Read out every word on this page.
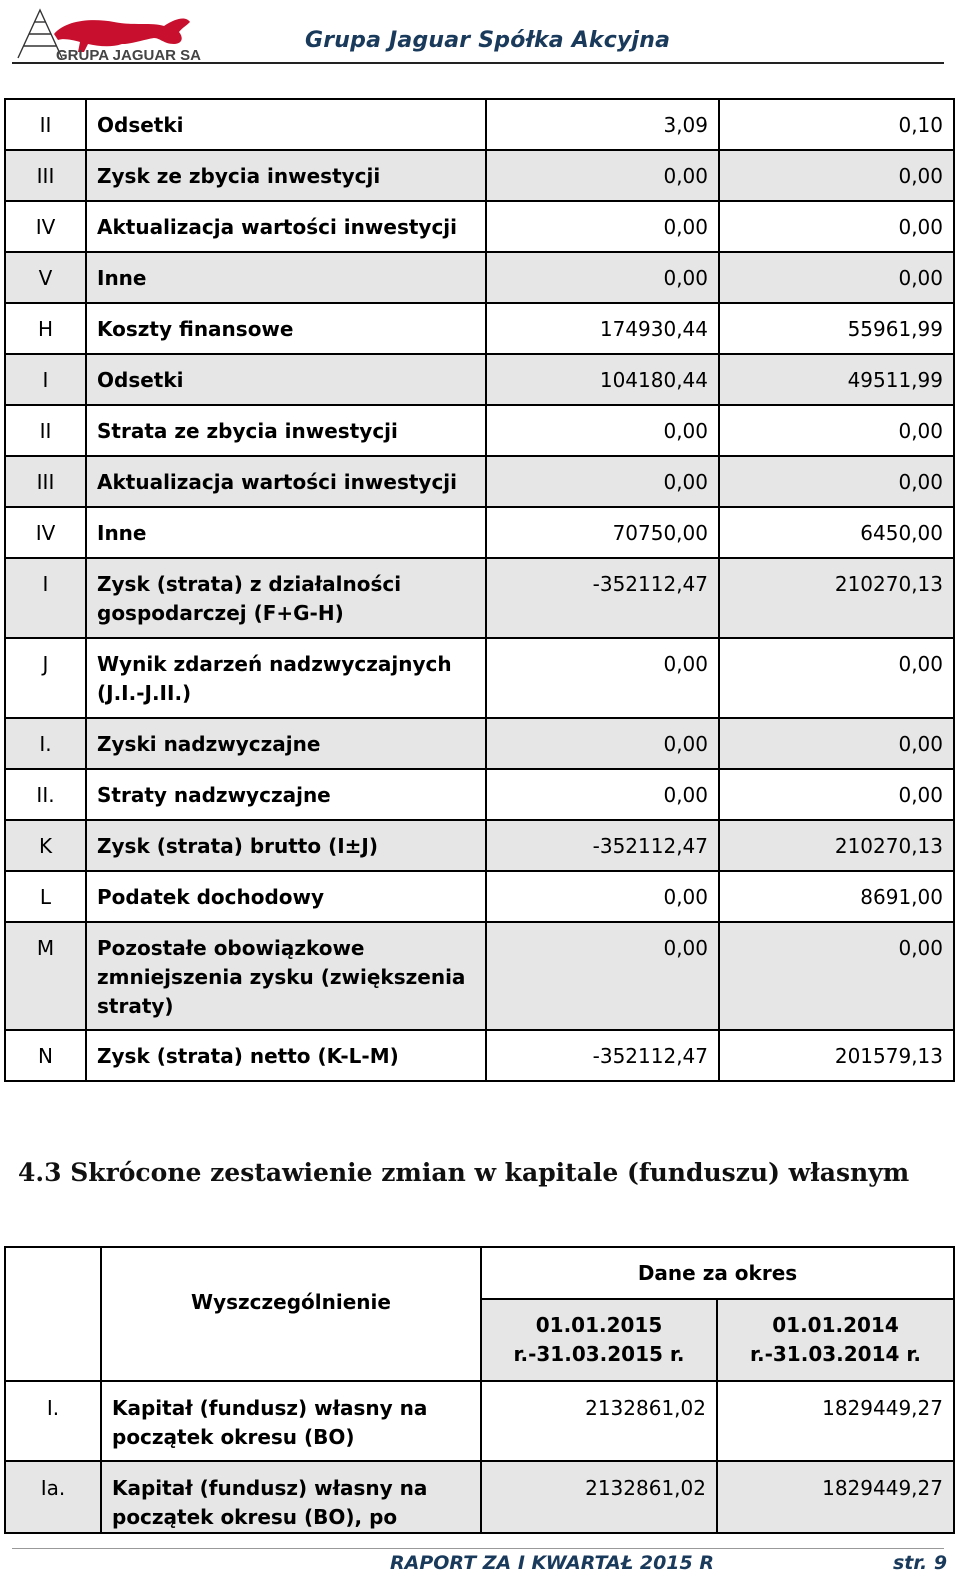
GRUPA JAGUAR SA
Grupa Jaguar Spółka Akcyjna
II	Odsetki	3,09	0,10
III	Zysk ze zbycia inwestycji	0,00	0,00
IV	Aktualizacja wartości inwestycji	0,00	0,00
V	Inne	0,00	0,00
H	Koszty finansowe	174930,44	55961,99
I	Odsetki	104180,44	49511,99
II	Strata ze zbycia inwestycji	0,00	0,00
III	Aktualizacja wartości inwestycji	0,00	0,00
IV	Inne	70750,00	6450,00
I	Zysk (strata) z działalności gospodarczej (F+G-H)	-352112,47	210270,13
J	Wynik zdarzeń nadzwyczajnych (J.I.-J.II.)	0,00	0,00
I.	Zyski nadzwyczajne	0,00	0,00
II.	Straty nadzwyczajne	0,00	0,00
K	Zysk (strata) brutto (I±J)	-352112,47	210270,13
L	Podatek dochodowy	0,00	8691,00
M	Pozostałe obowiązkowe zmniejszenia zysku (zwiększenia straty)	0,00	0,00
N	Zysk (strata) netto (K-L-M)	-352112,47	201579,13
4.3 Skrócone zestawienie zmian w kapitale (funduszu) własnym
	Wyszczególnienie	Dane za okres	
		01.01.2015 r.-31.03.2015 r.	01.01.2014 r.-31.03.2014 r.
I.	Kapitał (fundusz) własny na początek okresu (BO)	2132861,02	1829449,27
Ia.	Kapitał (fundusz) własny na początek okresu (BO), po	2132861,02	1829449,27
RAPORT ZA I KWARTAŁ 2015 R	str. 9
